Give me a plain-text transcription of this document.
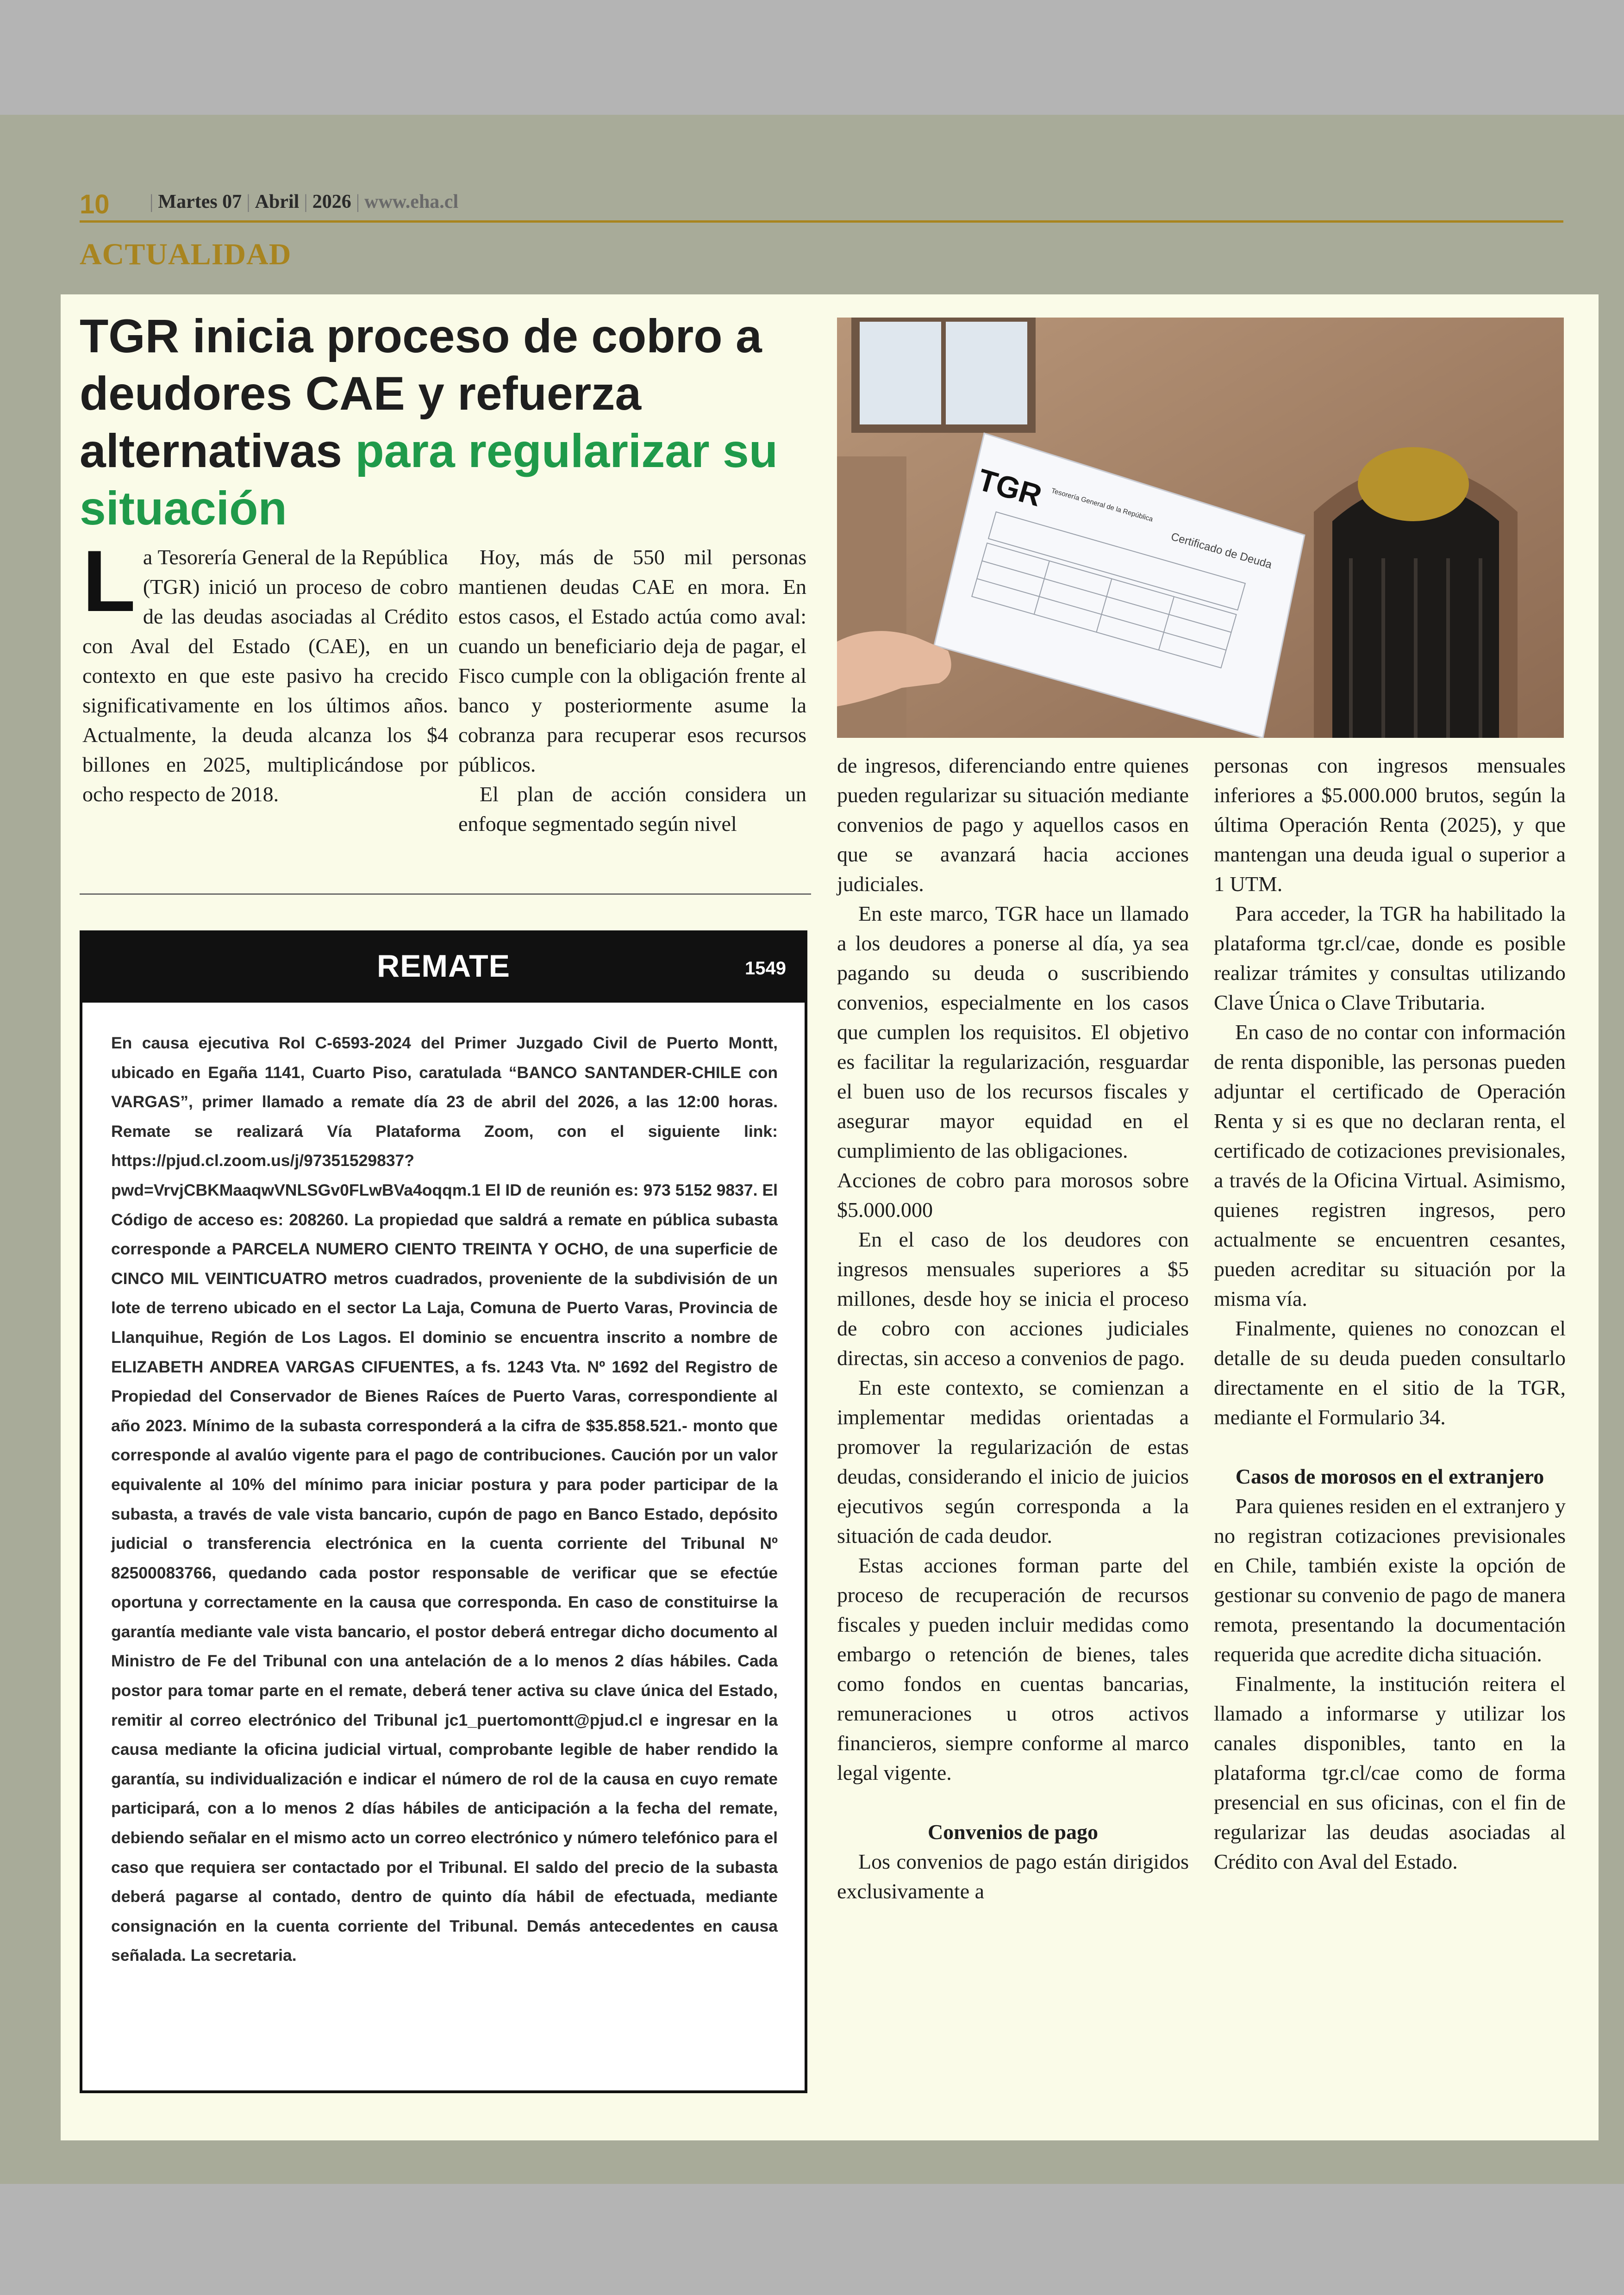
10 | Martes 07 | Abril | 2026 | www.eha.cl
ACTUALIDAD
TGR inicia proceso de cobro a deudores CAE y refuerza alternativas para regularizar su situación	TGR Tesorería General de la República
Certificado de Deuda
L a Tesorería General de la República (TGR) inició un proceso de cobro de las deudas asociadas al Crédito con Aval del Estado (CAE), en un contexto en que este pasivo ha crecido significativamente en los últimos años. Actualmente, la deuda alcanza los $4 billones en 2025, multiplicándose por ocho respecto de 2018.

Hoy, más de 550 mil personas mantienen deudas CAE en mora. En estos casos, el Estado actúa como aval: cuando un beneficiario deja de pagar, el Fisco cumple con la obligación frente al banco y posteriormente asume la cobranza para recuperar esos recursos públicos.

El plan de acción considera un enfoque segmentado según nivel

de ingresos, diferenciando entre quienes pueden regularizar su situación mediante convenios de pago y aquellos casos en que se avanzará hacia acciones judiciales.

En este marco, TGR hace un llamado a los deudores a ponerse al día, ya sea pagando su deuda o suscribiendo convenios, especialmente en los casos que cumplen los requisitos. El objetivo es facilitar la regularización, resguardar el buen uso de los recursos fiscales y asegurar mayor equidad en el cumplimiento de las obligaciones.

Acciones de cobro para morosos sobre $5.000.000

En el caso de los deudores con ingresos mensuales superiores a $5 millones, desde hoy se inicia el proceso de cobro con acciones judiciales directas, sin acceso a convenios de pago.

En este contexto, se comienzan a implementar medidas orientadas a promover la regularización de estas deudas, considerando el inicio de juicios ejecutivos según corresponda a la situación de cada deudor.

Estas acciones forman parte del proceso de recuperación de recursos fiscales y pueden incluir medidas como embargo o retención de bienes, tales como fondos en cuentas bancarias, remuneraciones u otros activos financieros, siempre conforme al marco legal vigente.

Convenios de pago

Los convenios de pago están dirigidos exclusivamente a

personas con ingresos mensuales inferiores a $5.000.000 brutos, según la última Operación Renta (2025), y que mantengan una deuda igual o superior a 1 UTM.

Para acceder, la TGR ha habilitado la plataforma tgr.cl/cae, donde es posible realizar trámites y consultas utilizando Clave Única o Clave Tributaria.

En caso de no contar con información de renta disponible, las personas pueden adjuntar el certificado de Operación Renta y si es que no declaran renta, el certificado de cotizaciones previsionales, a través de la Oficina Virtual. Asimismo, quienes registren ingresos, pero actualmente se encuentren cesantes, pueden acreditar su situación por la misma vía.

Finalmente, quienes no conozcan el detalle de su deuda pueden consultarlo directamente en el sitio de la TGR, mediante el Formulario 34.

Casos de morosos en el extranjero

Para quienes residen en el extranjero y no registran cotizaciones previsionales en Chile, también existe la opción de gestionar su convenio de pago de manera remota, presentando la documentación requerida que acredite dicha situación.

Finalmente, la institución reitera el llamado a informarse y utilizar los canales disponibles, tanto en la plataforma tgr.cl/cae como de forma presencial en sus oficinas, con el fin de regularizar las deudas asociadas al Crédito con Aval del Estado.

REMATE	1549

En causa ejecutiva Rol C-6593-2024 del Primer Juzgado Civil de Puerto Montt, ubicado en Egaña 1141, Cuarto Piso, caratulada “BANCO SANTANDER-CHILE con VARGAS”, primer llamado a remate día 23 de abril del 2026, a las 12:00 horas. Remate se realizará Vía Plataforma Zoom, con el siguiente link: https://pjud.cl.zoom.us/j/97351529837?pwd=VrvjCBKMaaqwVNLSGv0FLwBVa4oqqm.1 El ID de reunión es: 973 5152 9837. El Código de acceso es: 208260. La propiedad que saldrá a remate en pública subasta corresponde a PARCELA NUMERO CIENTO TREINTA Y OCHO, de una superficie de CINCO MIL VEINTICUATRO metros cuadrados, proveniente de la subdivisión de un lote de terreno ubicado en el sector La Laja, Comuna de Puerto Varas, Provincia de Llanquihue, Región de Los Lagos. El dominio se encuentra inscrito a nombre de ELIZABETH ANDREA VARGAS CIFUENTES, a fs. 1243 Vta. Nº 1692 del Registro de Propiedad del Conservador de Bienes Raíces de Puerto Varas, correspondiente al año 2023. Mínimo de la subasta corresponderá a la cifra de $35.858.521.- monto que corresponde al avalúo vigente para el pago de contribuciones. Caución por un valor equivalente al 10% del mínimo para iniciar postura y para poder participar de la subasta, a través de vale vista bancario, cupón de pago en Banco Estado, depósito judicial o transferencia electrónica en la cuenta corriente del Tribunal Nº 82500083766, quedando cada postor responsable de verificar que se efectúe oportuna y correctamente en la causa que corresponda. En caso de constituirse la garantía mediante vale vista bancario, el postor deberá entregar dicho documento al Ministro de Fe del Tribunal con una antelación de a lo menos 2 días hábiles. Cada postor para tomar parte en el remate, deberá tener activa su clave única del Estado, remitir al correo electrónico del Tribunal jc1_puertomontt@pjud.cl e ingresar en la causa mediante la oficina judicial virtual, comprobante legible de haber rendido la garantía, su individualización e indicar el número de rol de la causa en cuyo remate participará, con a lo menos 2 días hábiles de anticipación a la fecha del remate, debiendo señalar en el mismo acto un correo electrónico y número telefónico para el caso que requiera ser contactado por el Tribunal. El saldo del precio de la subasta deberá pagarse al contado, dentro de quinto día hábil de efectuada, mediante consignación en la cuenta corriente del Tribunal. Demás antecedentes en causa señalada. La secretaria.
